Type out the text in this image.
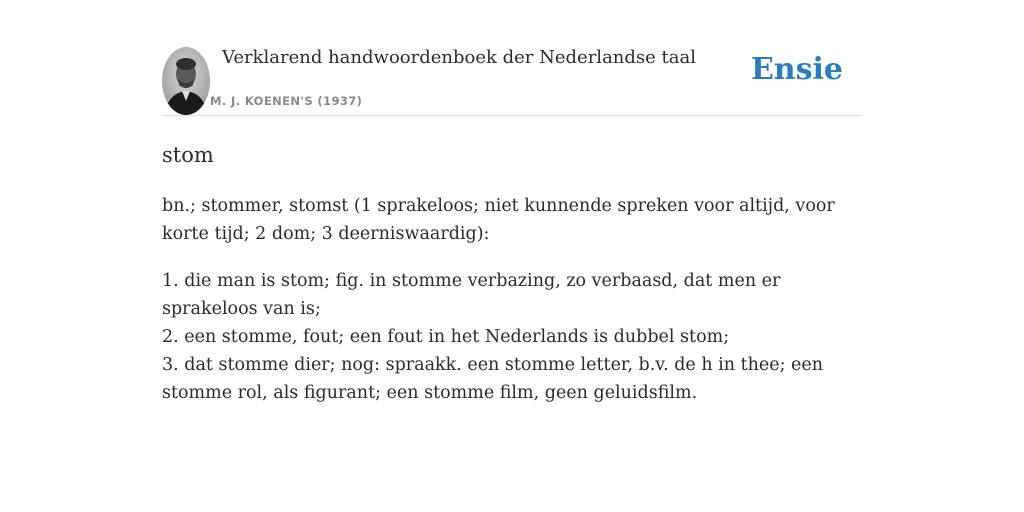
Verklarend handwoordenboek der Nederlandse taal
M. J. KOENEN'S (1937)
Ensie
stom

bn.; stommer, stomst (1 sprakeloos; niet kunnende spreken voor altijd, voor korte tijd; 2 dom; 3 deerniswaardig):

1. die man is stom; fig. in stomme verbazing, zo verbaasd, dat men er sprakeloos van is;
2. een stomme, fout; een fout in het Nederlands is dubbel stom;
3. dat stomme dier; nog: spraakk. een stomme letter, b.v. de h in thee; een stomme rol, als figurant; een stomme film, geen geluidsfilm.
